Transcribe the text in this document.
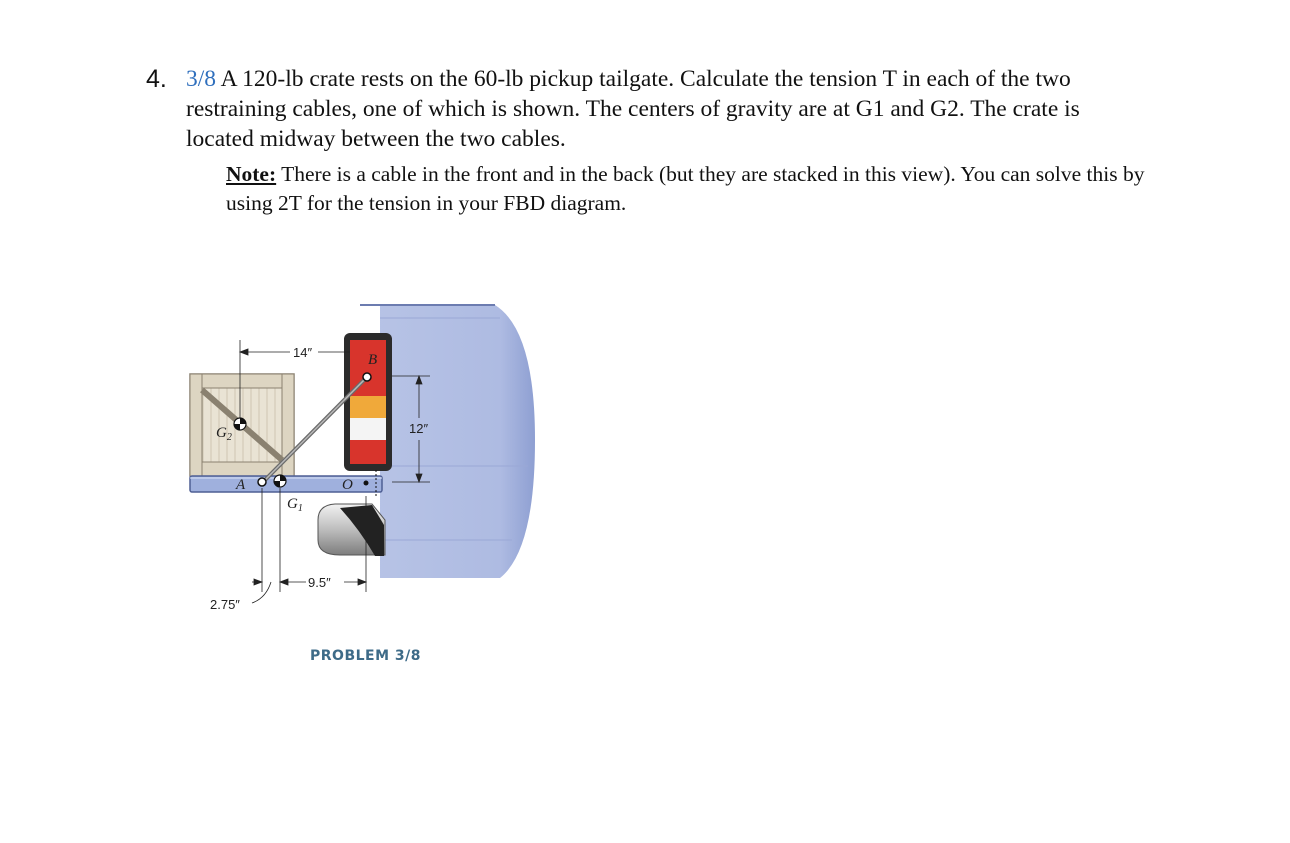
4. 3/8 A 120-lb crate rests on the 60-lb pickup tailgate. Calculate the tension T in each of the two restraining cables, one of which is shown. The centers of gravity are at G1 and G2. The crate is located midway between the two cables.
Note: There is a cable in the front and in the back (but they are stacked in this view). You can solve this by using 2T for the tension in your FBD diagram.
A
B
O
$G_2$
$G_1$
14″
12″
9.5″
2.75″
PROBLEM 3/8
